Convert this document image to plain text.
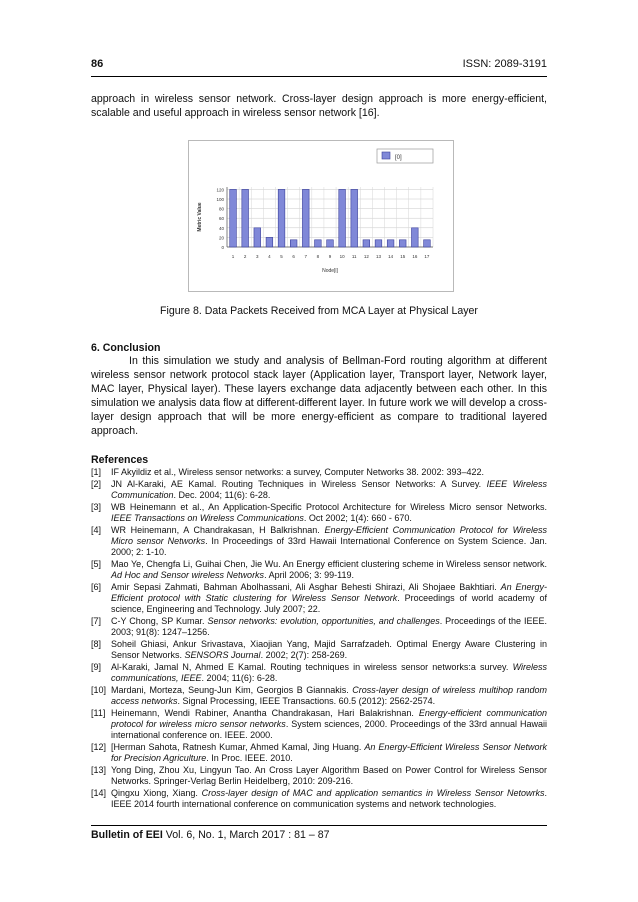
86	ISSN: 2089-3191
approach in wireless sensor network. Cross-layer design approach is more energy-efficient, scalable and useful approach in wireless sensor network [16].
[0]
0
20
40
60
80
100
120
1 2 3 4 5 6 7 8 9 10 11 12 13 14 15 16 17
Node[i]
Metric Value
Figure 8. Data Packets Received from MCA Layer at Physical Layer
6. Conclusion
In this simulation we study and analysis of Bellman-Ford routing algorithm at different wireless sensor network protocol stack layer (Application layer, Transport layer, Network layer, MAC layer, Physical layer). These layers exchange data adjacently between each other. In this simulation we analysis data flow at different-different layer. In future work we will develop a cross-layer design approach that will be more energy-efficient as compare to traditional layered approach.
References
[1]	IF Akyildiz et al., Wireless sensor networks: a survey, Computer Networks 38. 2002: 393–422.
[2]	JN Al-Karaki, AE Kamal. Routing Techniques in Wireless Sensor Networks: A Survey. IEEE Wireless Communication. Dec. 2004; 11(6): 6-28.
[3]	WB Heinemann et al., An Application-Specific Protocol Architecture for Wireless Micro sensor Networks. IEEE Transactions on Wireless Communications. Oct 2002; 1(4): 660 - 670.
[4]	WR Heinemann, A Chandrakasan, H Balkrishnan. Energy-Efficient Communication Protocol for Wireless Micro sensor Networks. In Proceedings of 33rd Hawaii International Conference on System Science. Jan. 2000; 2: 1-10.
[5]	Mao Ye, Chengfa Li, Guihai Chen, Jie Wu. An Energy efficient clustering scheme in Wireless sensor network. Ad Hoc and Sensor wireless Networks. April 2006; 3: 99-119.
[6]	Amir Sepasi Zahmati, Bahman Abolhassani, Ali Asghar Behesti Shirazi, Ali Shojaee Bakhtiari. An Energy-Efficient protocol with Static clustering for Wireless Sensor Network. Proceedings of world academy of science, Engineering and Technology. July 2007; 22.
[7]	C-Y Chong, SP Kumar. Sensor networks: evolution, opportunities, and challenges. Proceedings of the IEEE. 2003; 91(8): 1247–1256.
[8]	Soheil Ghiasi, Ankur Srivastava, Xiaojian Yang, Majid Sarrafzadeh. Optimal Energy Aware Clustering in Sensor Networks. SENSORS Journal. 2002; 2(7): 258-269.
[9]	Al-Karaki, Jamal N, Ahmed E Kamal. Routing techniques in wireless sensor networks:a survey. Wireless communications, IEEE. 2004; 11(6): 6-28.
[10] Mardani, Morteza, Seung-Jun Kim, Georgios B Giannakis. Cross-layer design of wireless multihop random access networks. Signal Processing, IEEE Transactions. 60.5 (2012): 2562-2574.
[11] Heinemann, Wendi Rabiner, Anantha Chandrakasan, Hari Balakrishnan. Energy-efficient communication protocol for wireless micro sensor networks. System sciences, 2000. Proceedings of the 33rd annual Hawaii international conference on. IEEE. 2000.
[12] [Herman Sahota, Ratnesh Kumar, Ahmed Kamal, Jing Huang. An Energy-Efficient Wireless Sensor Network for Precision Agriculture. In Proc. IEEE. 2010.
[13] Yong Ding, Zhou Xu, Lingyun Tao. An Cross Layer Algorithm Based on Power Control for Wireless Sensor Networks. Springer-Verlag Berlin Heidelberg, 2010: 209-216.
[14] Qingxu Xiong, Xiang. Cross-layer design of MAC and application semantics in Wireless Sensor Netowrks. IEEE 2014 fourth international conference on communication systems and network technologies.
Bulletin of EEI Vol. 6, No. 1, March 2017 : 81 – 87
